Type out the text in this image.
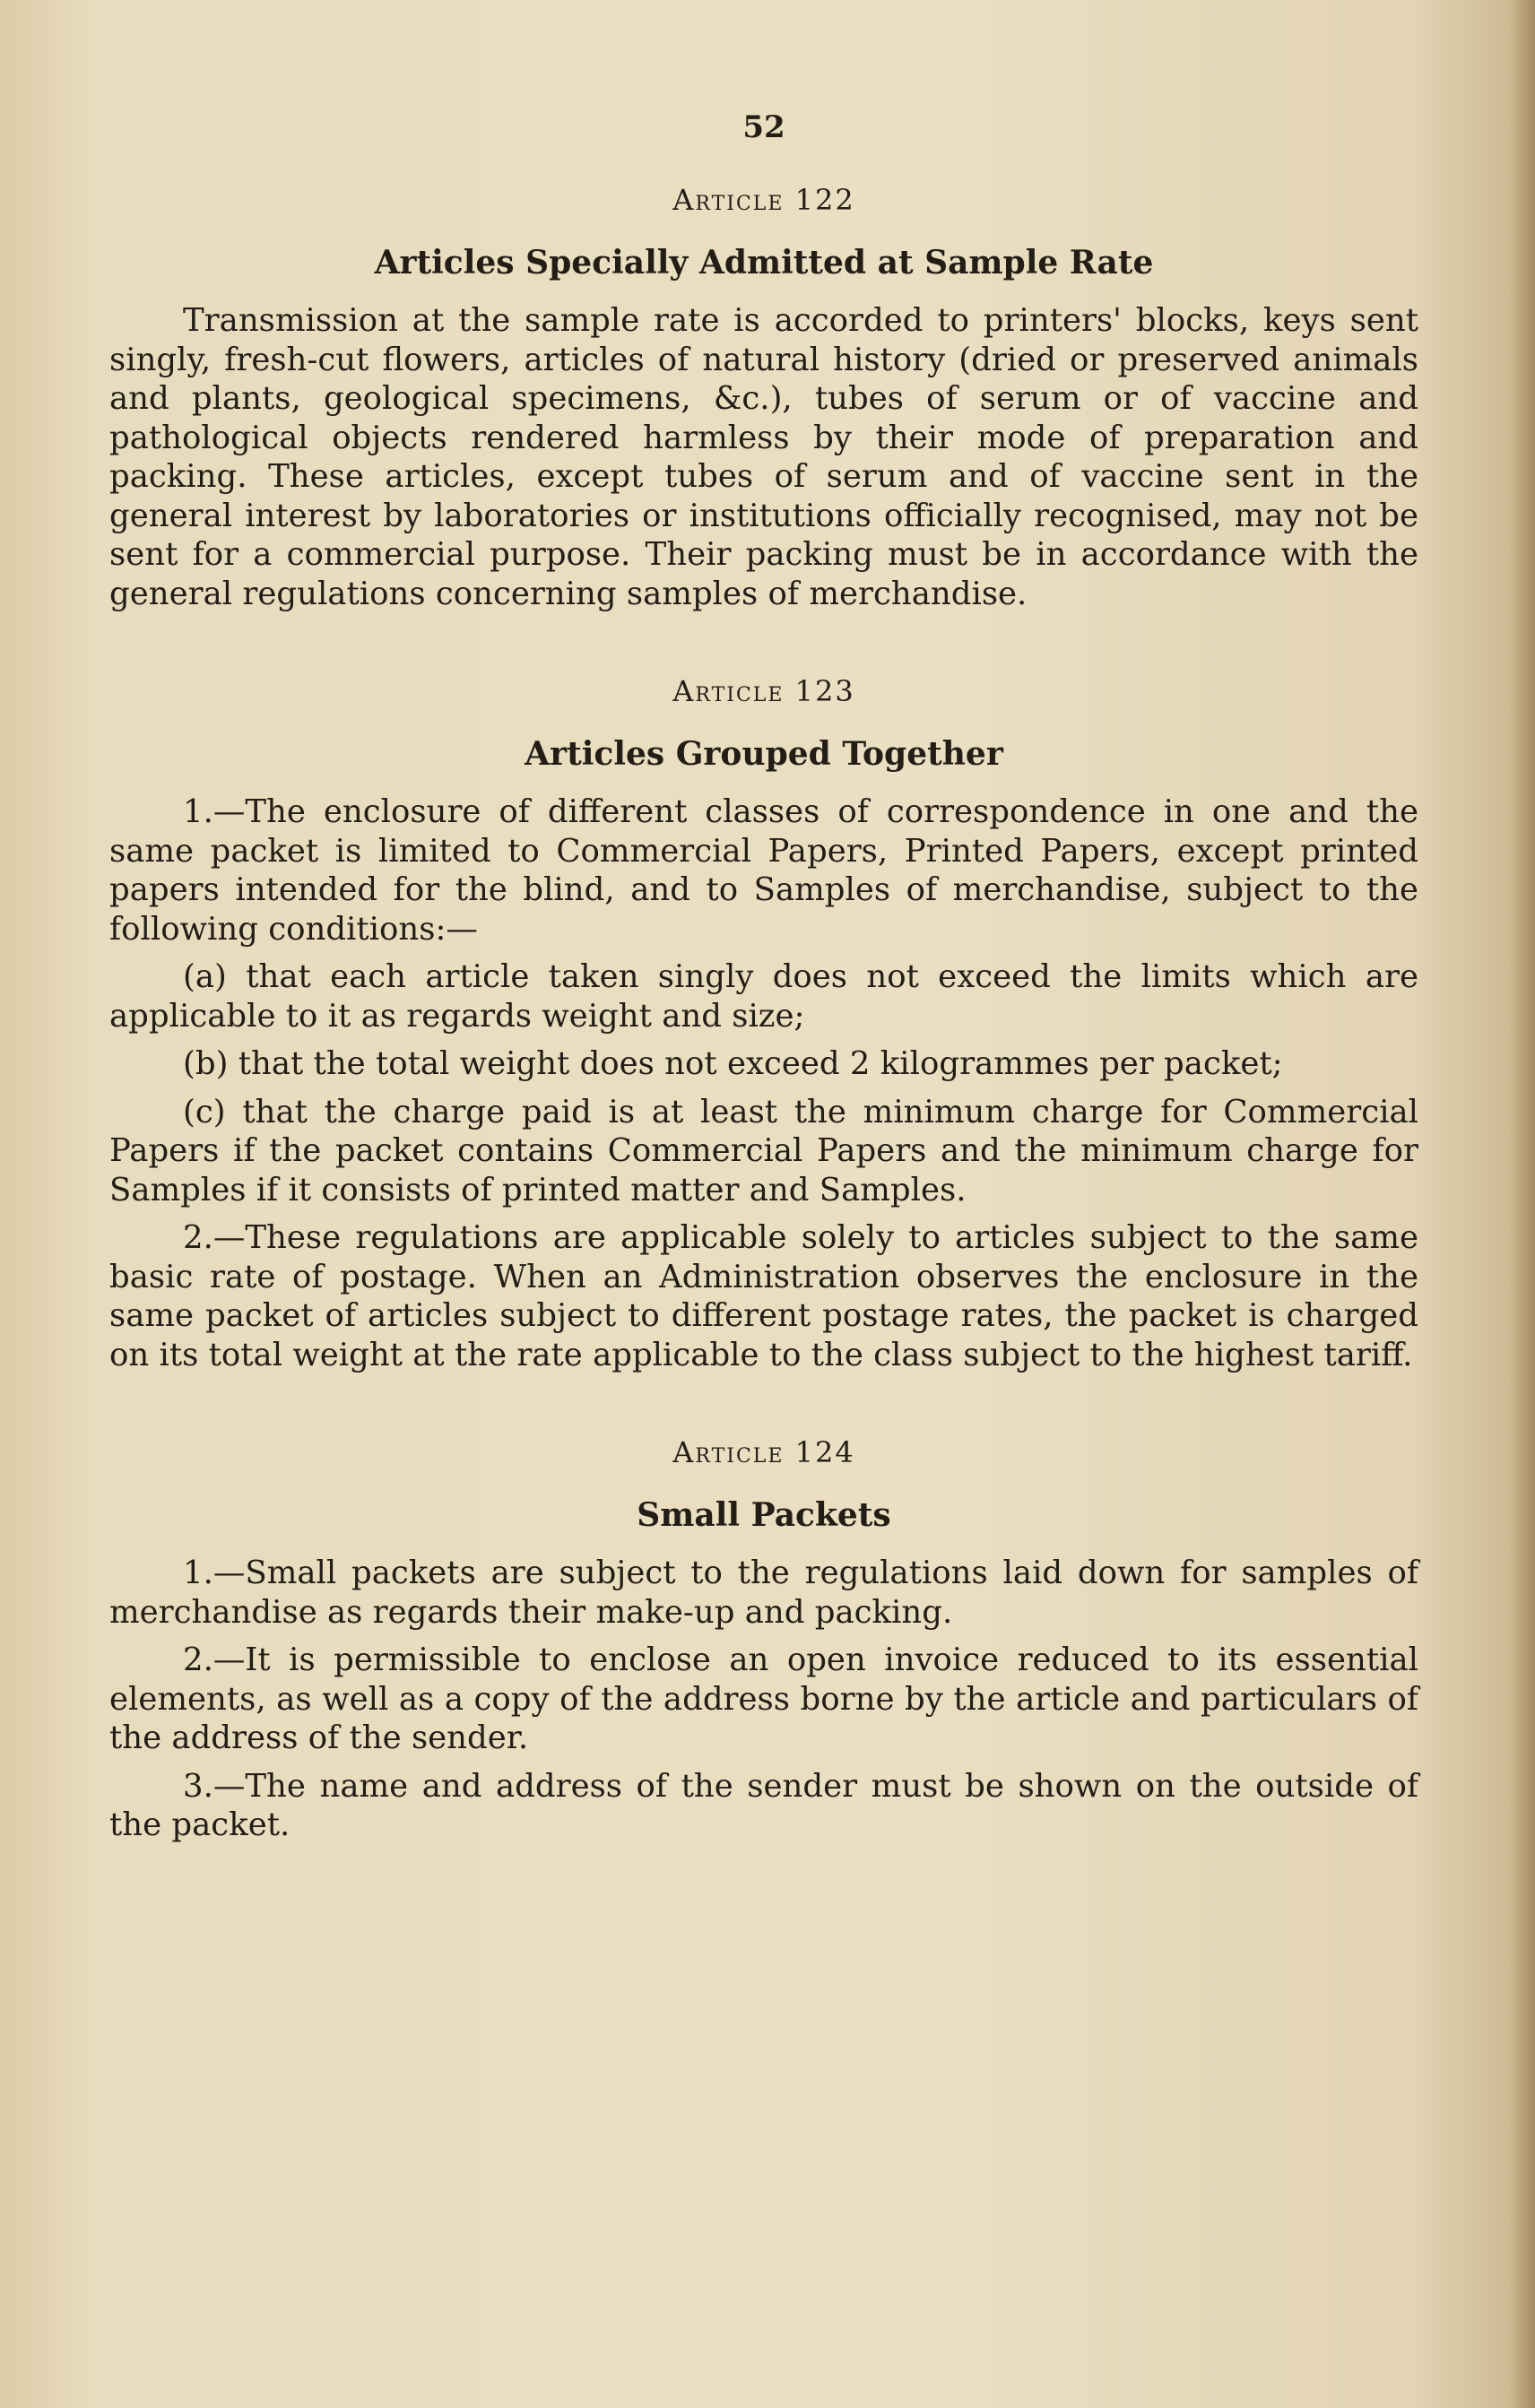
52
Article 122
Articles Specially Admitted at Sample Rate

Transmission at the sample rate is accorded to printers' blocks, keys sent singly, fresh-cut flowers, articles of natural history (dried or preserved animals and plants, geological specimens, &c.), tubes of serum or of vaccine and pathological objects rendered harmless by their mode of preparation and packing. These articles, except tubes of serum and of vaccine sent in the general interest by laboratories or institutions officially recognised, may not be sent for a commercial purpose. Their packing must be in accordance with the general regulations concerning samples of merchandise.

Article 123
Articles Grouped Together

1.—The enclosure of different classes of correspondence in one and the same packet is limited to Commercial Papers, Printed Papers, except printed papers intended for the blind, and to Samples of merchandise, subject to the following conditions:—

(a) that each article taken singly does not exceed the limits which are applicable to it as regards weight and size;

(b) that the total weight does not exceed 2 kilogrammes per packet;

(c) that the charge paid is at least the minimum charge for Commercial Papers if the packet contains Commercial Papers and the minimum charge for Samples if it consists of printed matter and Samples.

2.—These regulations are applicable solely to articles subject to the same basic rate of postage. When an Administration observes the enclosure in the same packet of articles subject to different postage rates, the packet is charged on its total weight at the rate applicable to the class subject to the highest tariff.

Article 124
Small Packets

1.—Small packets are subject to the regulations laid down for samples of merchandise as regards their make-up and packing.

2.—It is permissible to enclose an open invoice reduced to its essential elements, as well as a copy of the address borne by the article and particulars of the address of the sender.

3.—The name and address of the sender must be shown on the outside of the packet.
